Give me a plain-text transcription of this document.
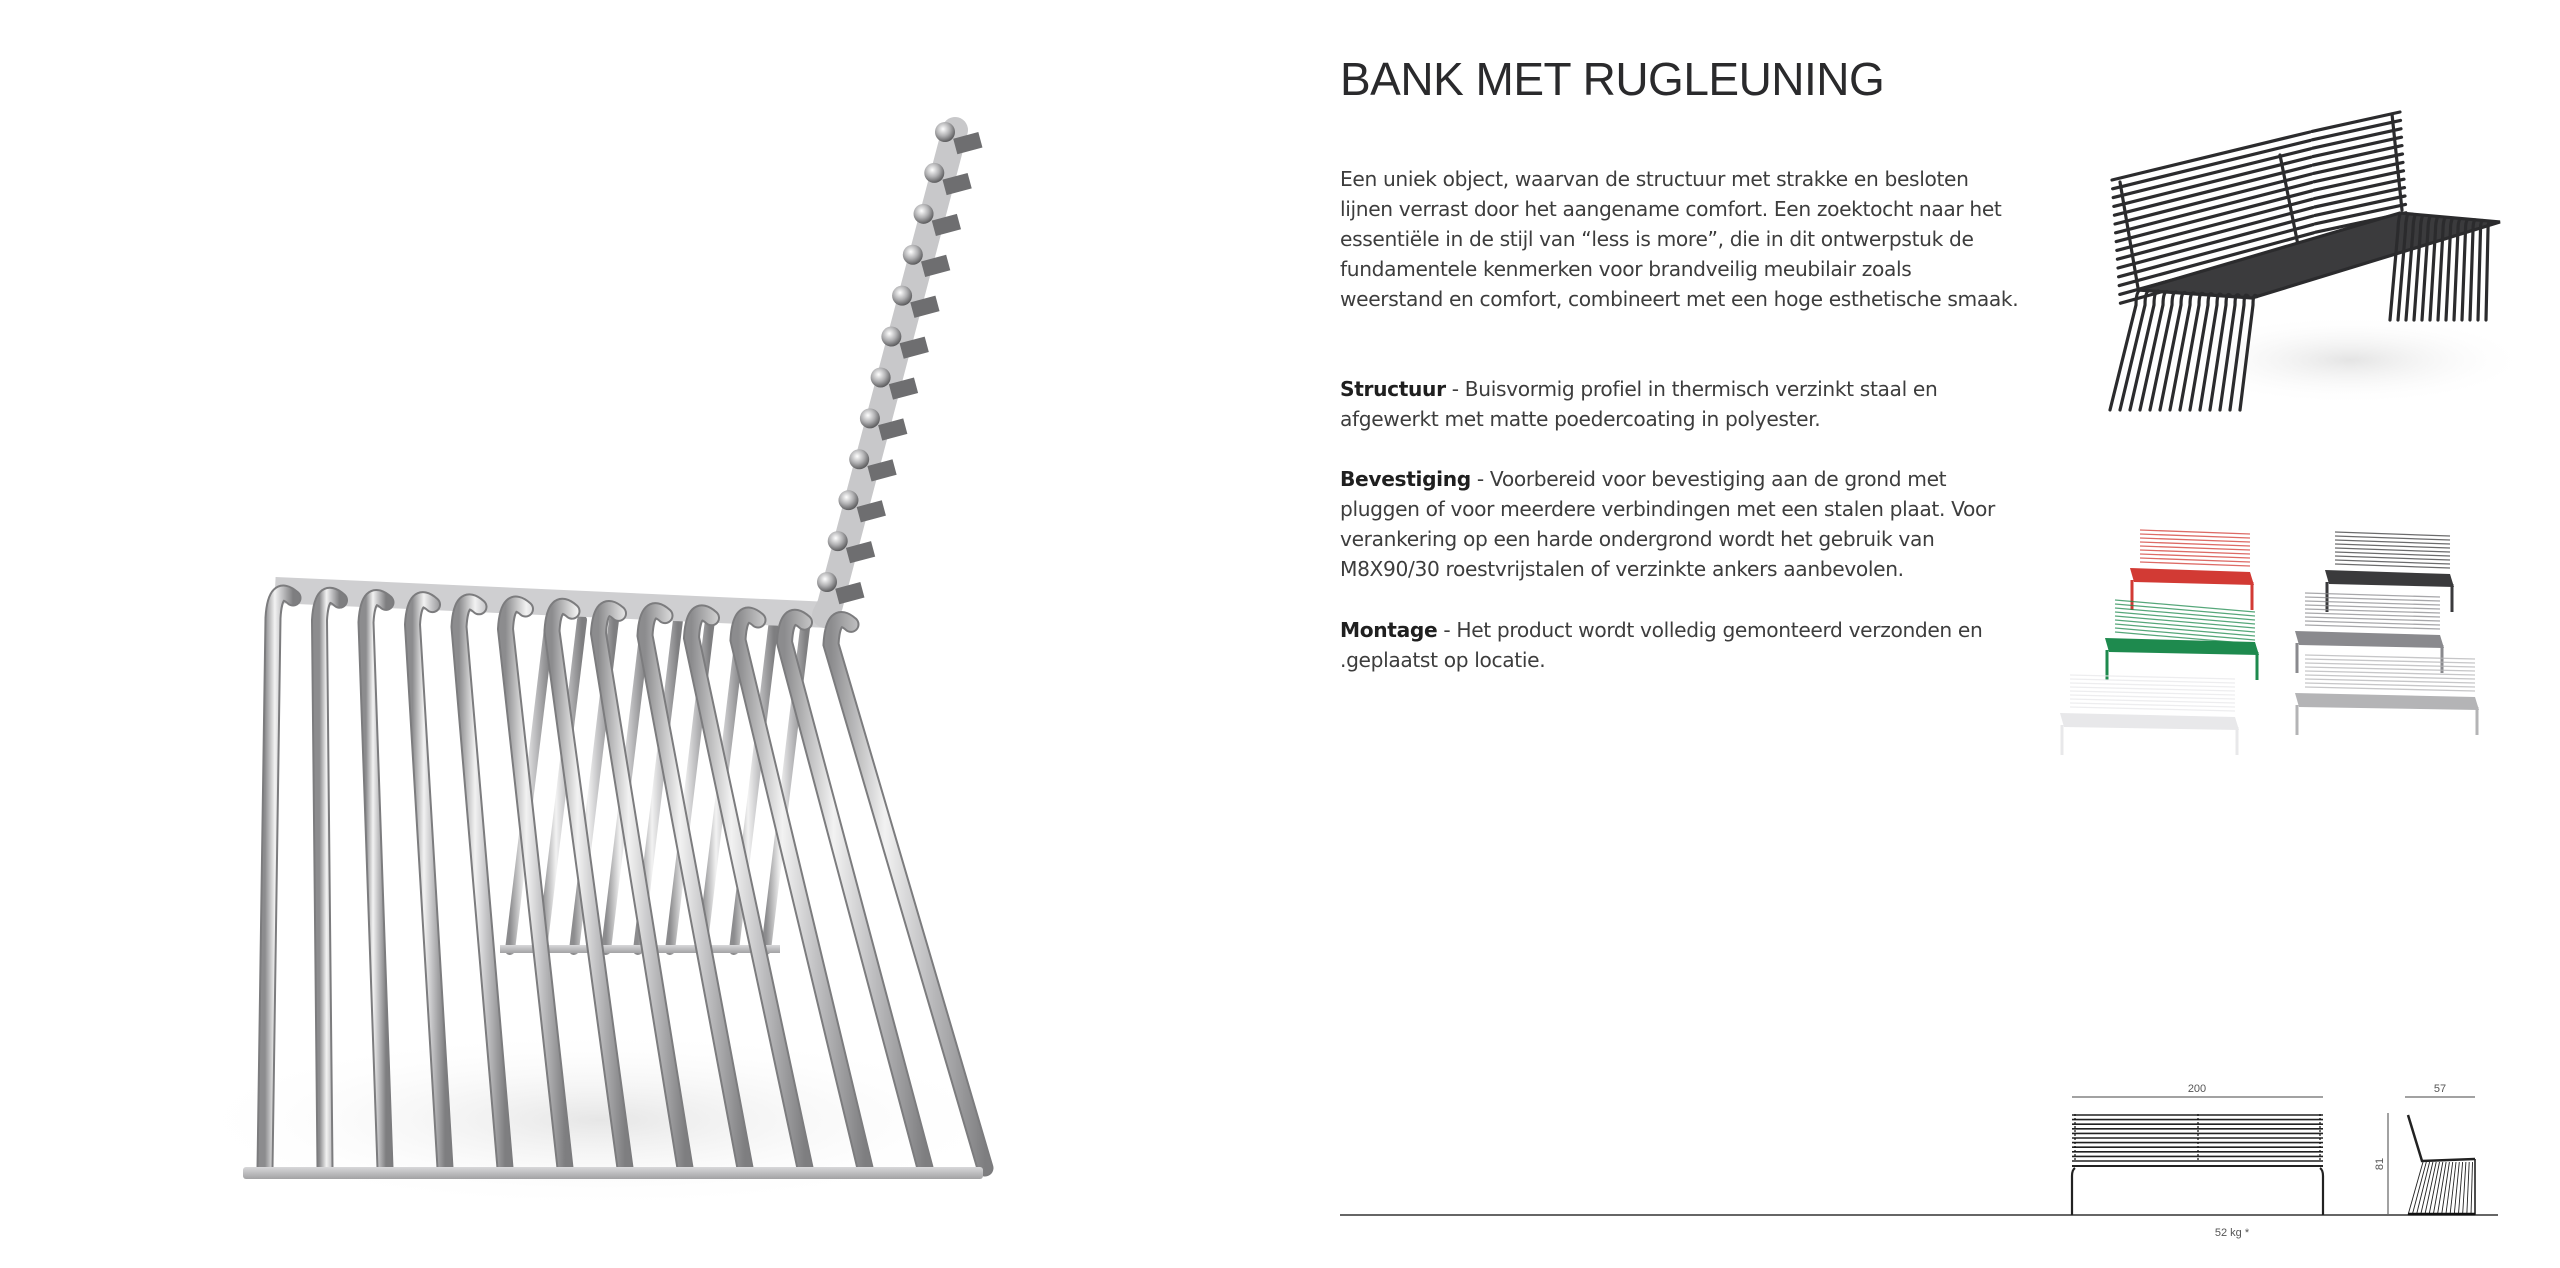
BANK MET RUGLEUNING
Een uniek object, waarvan de structuur met strakke en besloten lijnen verrast door het aangename comfort. Een zoektocht naar het essentiële in de stijl van “less is more”, die in dit ontwerpstuk de fundamentele kenmerken voor brandveilig meubilair zoals weerstand en comfort, combineert met een hoge esthetische smaak.
Structuur - Buisvormig profiel in thermisch verzinkt staal en afgewerkt met matte poedercoating in polyester.
Bevestiging - Voorbereid voor bevestiging aan de grond met pluggen of voor meerdere verbindingen met een stalen plaat. Voor verankering op een harde ondergrond wordt het gebruik van M8X90/30 roestvrijstalen of verzinkte ankers aanbevolen.
Montage - Het product wordt volledig gemonteerd verzonden en .geplaatst op locatie.
200	57
81
52 kg *
